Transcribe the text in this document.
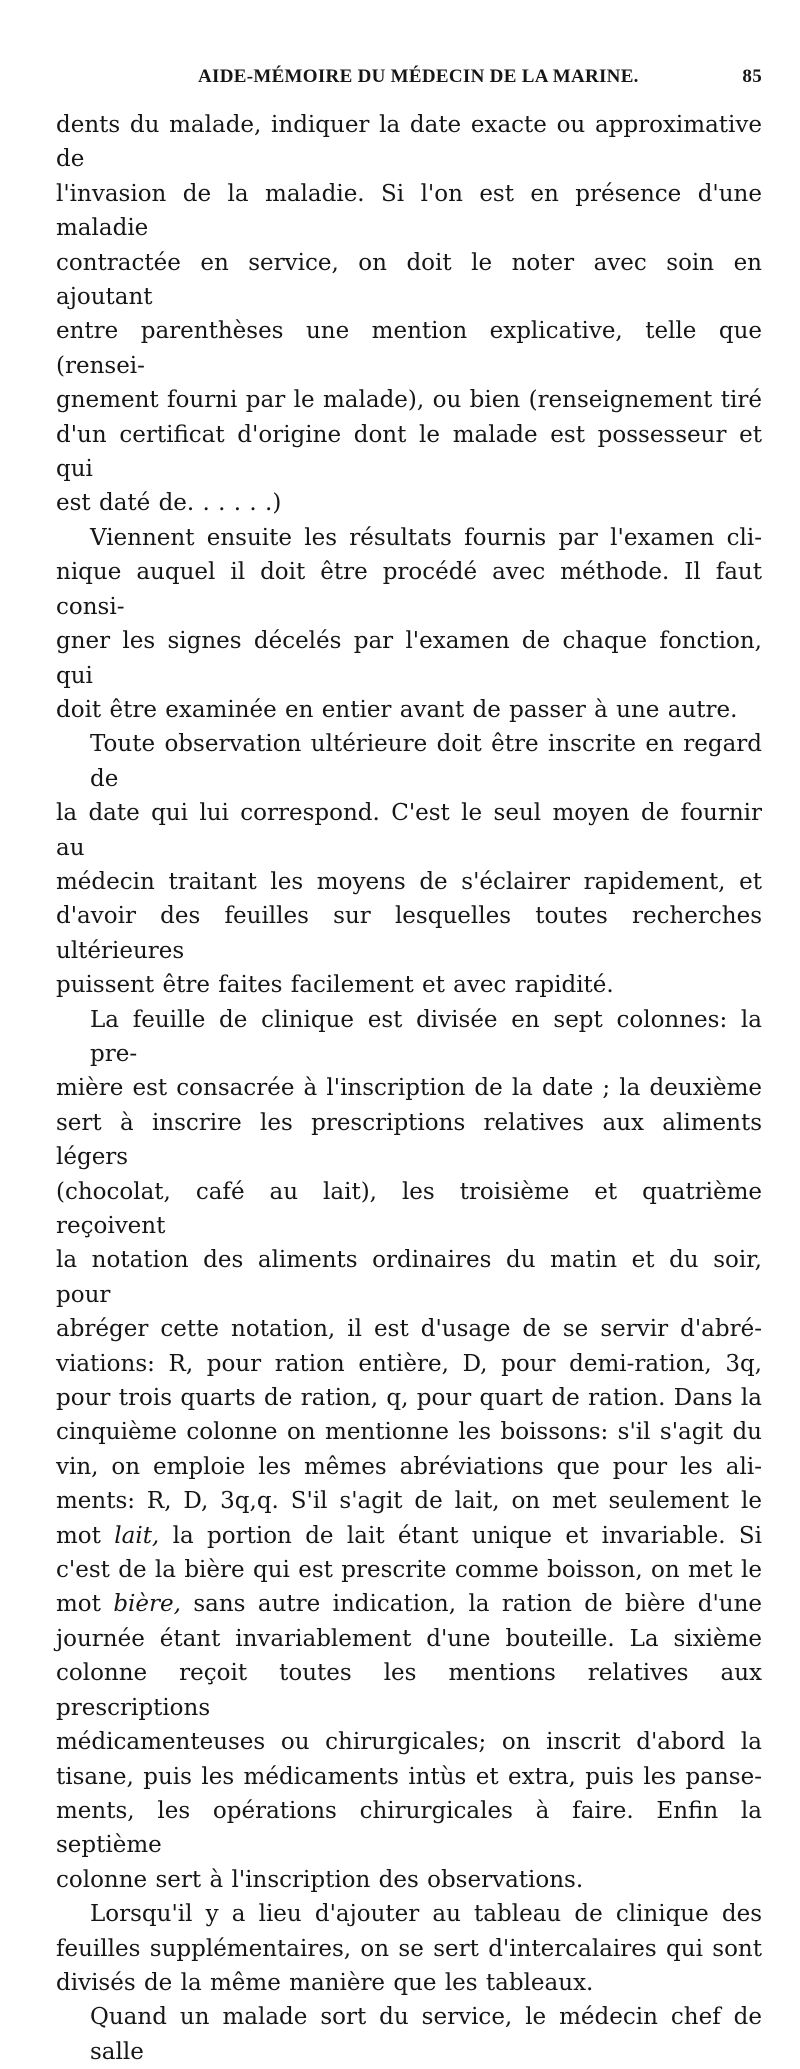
AIDE-MÉMOIRE DU MÉDECIN DE LA MARINE.	85

dents du malade, indiquer la date exacte ou approximative de
l'invasion de la maladie. Si l'on est en présence d'une maladie
contractée en service, on doit le noter avec soin en ajoutant
entre parenthèses une mention explicative, telle que (rensei-
gnement fourni par le malade), ou bien (renseignement tiré
d'un certificat d'origine dont le malade est possesseur et qui
est daté de. . . . . .)

Viennent ensuite les résultats fournis par l'examen cli-
nique auquel il doit être procédé avec méthode. Il faut consi-
gner les signes décelés par l'examen de chaque fonction, qui
doit être examinée en entier avant de passer à une autre.

Toute observation ultérieure doit être inscrite en regard de
la date qui lui correspond. C'est le seul moyen de fournir au
médecin traitant les moyens de s'éclairer rapidement, et
d'avoir des feuilles sur lesquelles toutes recherches ultérieures
puissent être faites facilement et avec rapidité.

La feuille de clinique est divisée en sept colonnes: la pre-
mière est consacrée à l'inscription de la date ; la deuxième
sert à inscrire les prescriptions relatives aux aliments légers
(chocolat, café au lait), les troisième et quatrième reçoivent
la notation des aliments ordinaires du matin et du soir, pour
abréger cette notation, il est d'usage de se servir d'abré-
viations: R, pour ration entière, D, pour demi-ration, 3q,
pour trois quarts de ration, q, pour quart de ration. Dans la
cinquième colonne on mentionne les boissons: s'il s'agit du
vin, on emploie les mêmes abréviations que pour les ali-
ments: R, D, 3q,q. S'il s'agit de lait, on met seulement le
mot lait, la portion de lait étant unique et invariable. Si
c'est de la bière qui est prescrite comme boisson, on met le
mot bière, sans autre indication, la ration de bière d'une
journée étant invariablement d'une bouteille. La sixième
colonne reçoit toutes les mentions relatives aux prescriptions
médicamenteuses ou chirurgicales; on inscrit d'abord la
tisane, puis les médicaments intùs et extra, puis les panse-
ments, les opérations chirurgicales à faire. Enfin la septième
colonne sert à l'inscription des observations.

Lorsqu'il y a lieu d'ajouter au tableau de clinique des
feuilles supplémentaires, on se sert d'intercalaires qui sont
divisés de la même manière que les tableaux.

Quand un malade sort du service, le médecin chef de salle
